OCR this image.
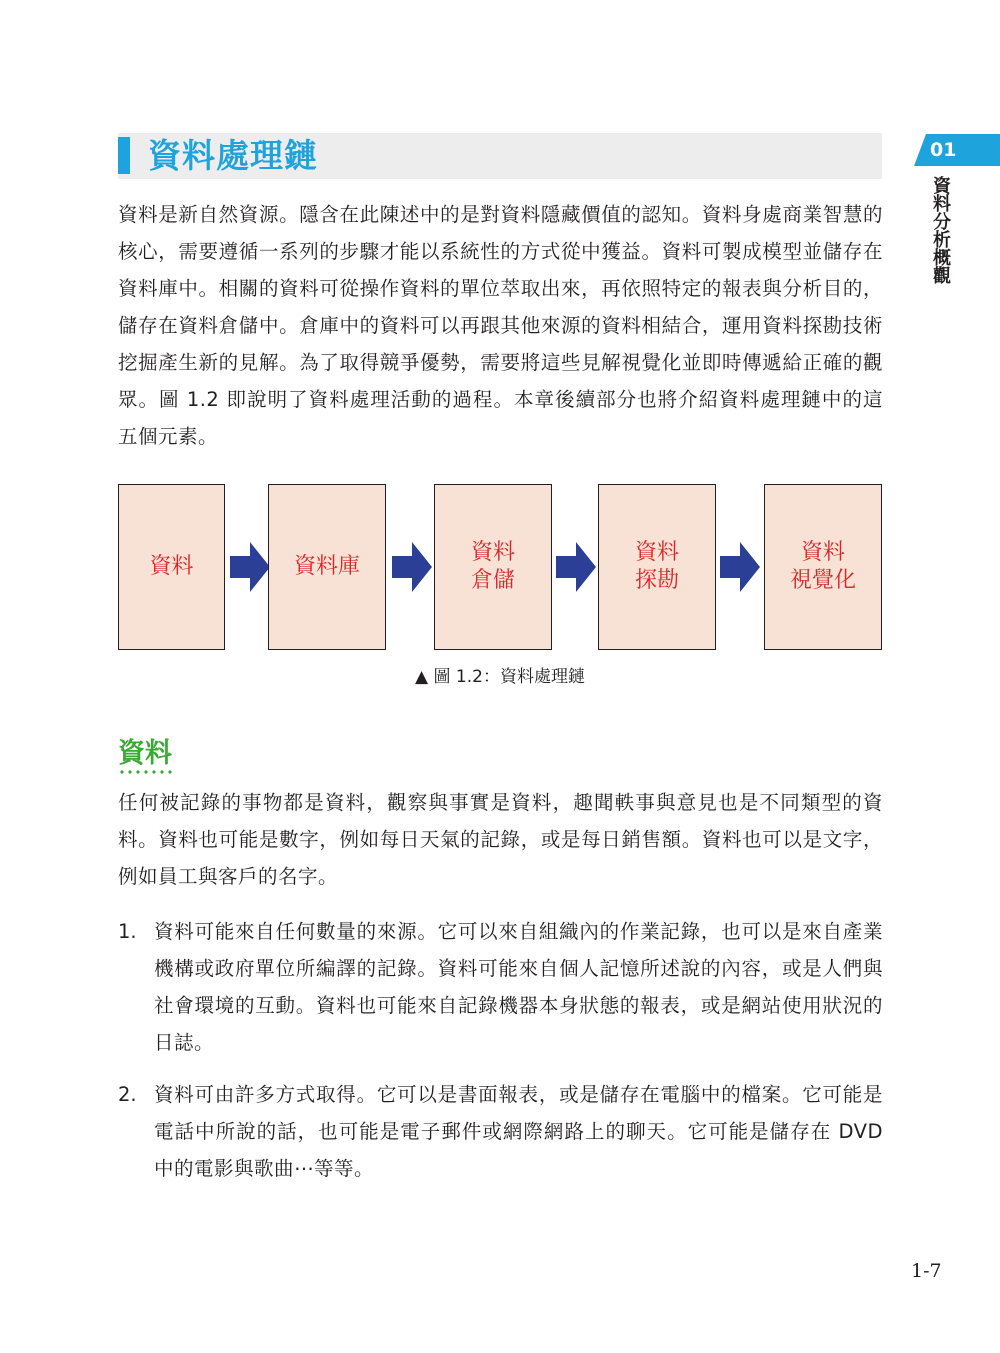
資料處理鏈	01
資料分析概觀

資料是新自然資源。隱含在此陳述中的是對資料隱藏價值的認知。資料身處商業智慧的核心，需要遵循一系列的步驟才能以系統性的方式從中獲益。資料可製成模型並儲存在資料庫中。相關的資料可從操作資料的單位萃取出來，再依照特定的報表與分析目的，儲存在資料倉儲中。倉庫中的資料可以再跟其他來源的資料相結合，運用資料探勘技術挖掘產生新的見解。為了取得競爭優勢，需要將這些見解視覺化並即時傳遞給正確的觀眾。圖 1.2 即說明了資料處理活動的過程。本章後續部分也將介紹資料處理鏈中的這五個元素。

資料	資料庫
資料
倉儲
資料
探勘
資料
視覺化
▲ 圖 1.2：資料處理鏈
資料

任何被記錄的事物都是資料，觀察與事實是資料，趣聞軼事與意見也是不同類型的資料。資料也可能是數字，例如每日天氣的記錄，或是每日銷售額。資料也可以是文字，例如員工與客戶的名字。

1. 資料可能來自任何數量的來源。它可以來自組織內的作業記錄，也可以是來自產業機構或政府單位所編譯的記錄。資料可能來自個人記憶所述說的內容，或是人們與社會環境的互動。資料也可能來自記錄機器本身狀態的報表，或是網站使用狀況的日誌。

2. 資料可由許多方式取得。它可以是書面報表，或是儲存在電腦中的檔案。它可能是電話中所說的話，也可能是電子郵件或網際網路上的聊天。它可能是儲存在 DVD 中的電影與歌曲⋯等等。

1-7
